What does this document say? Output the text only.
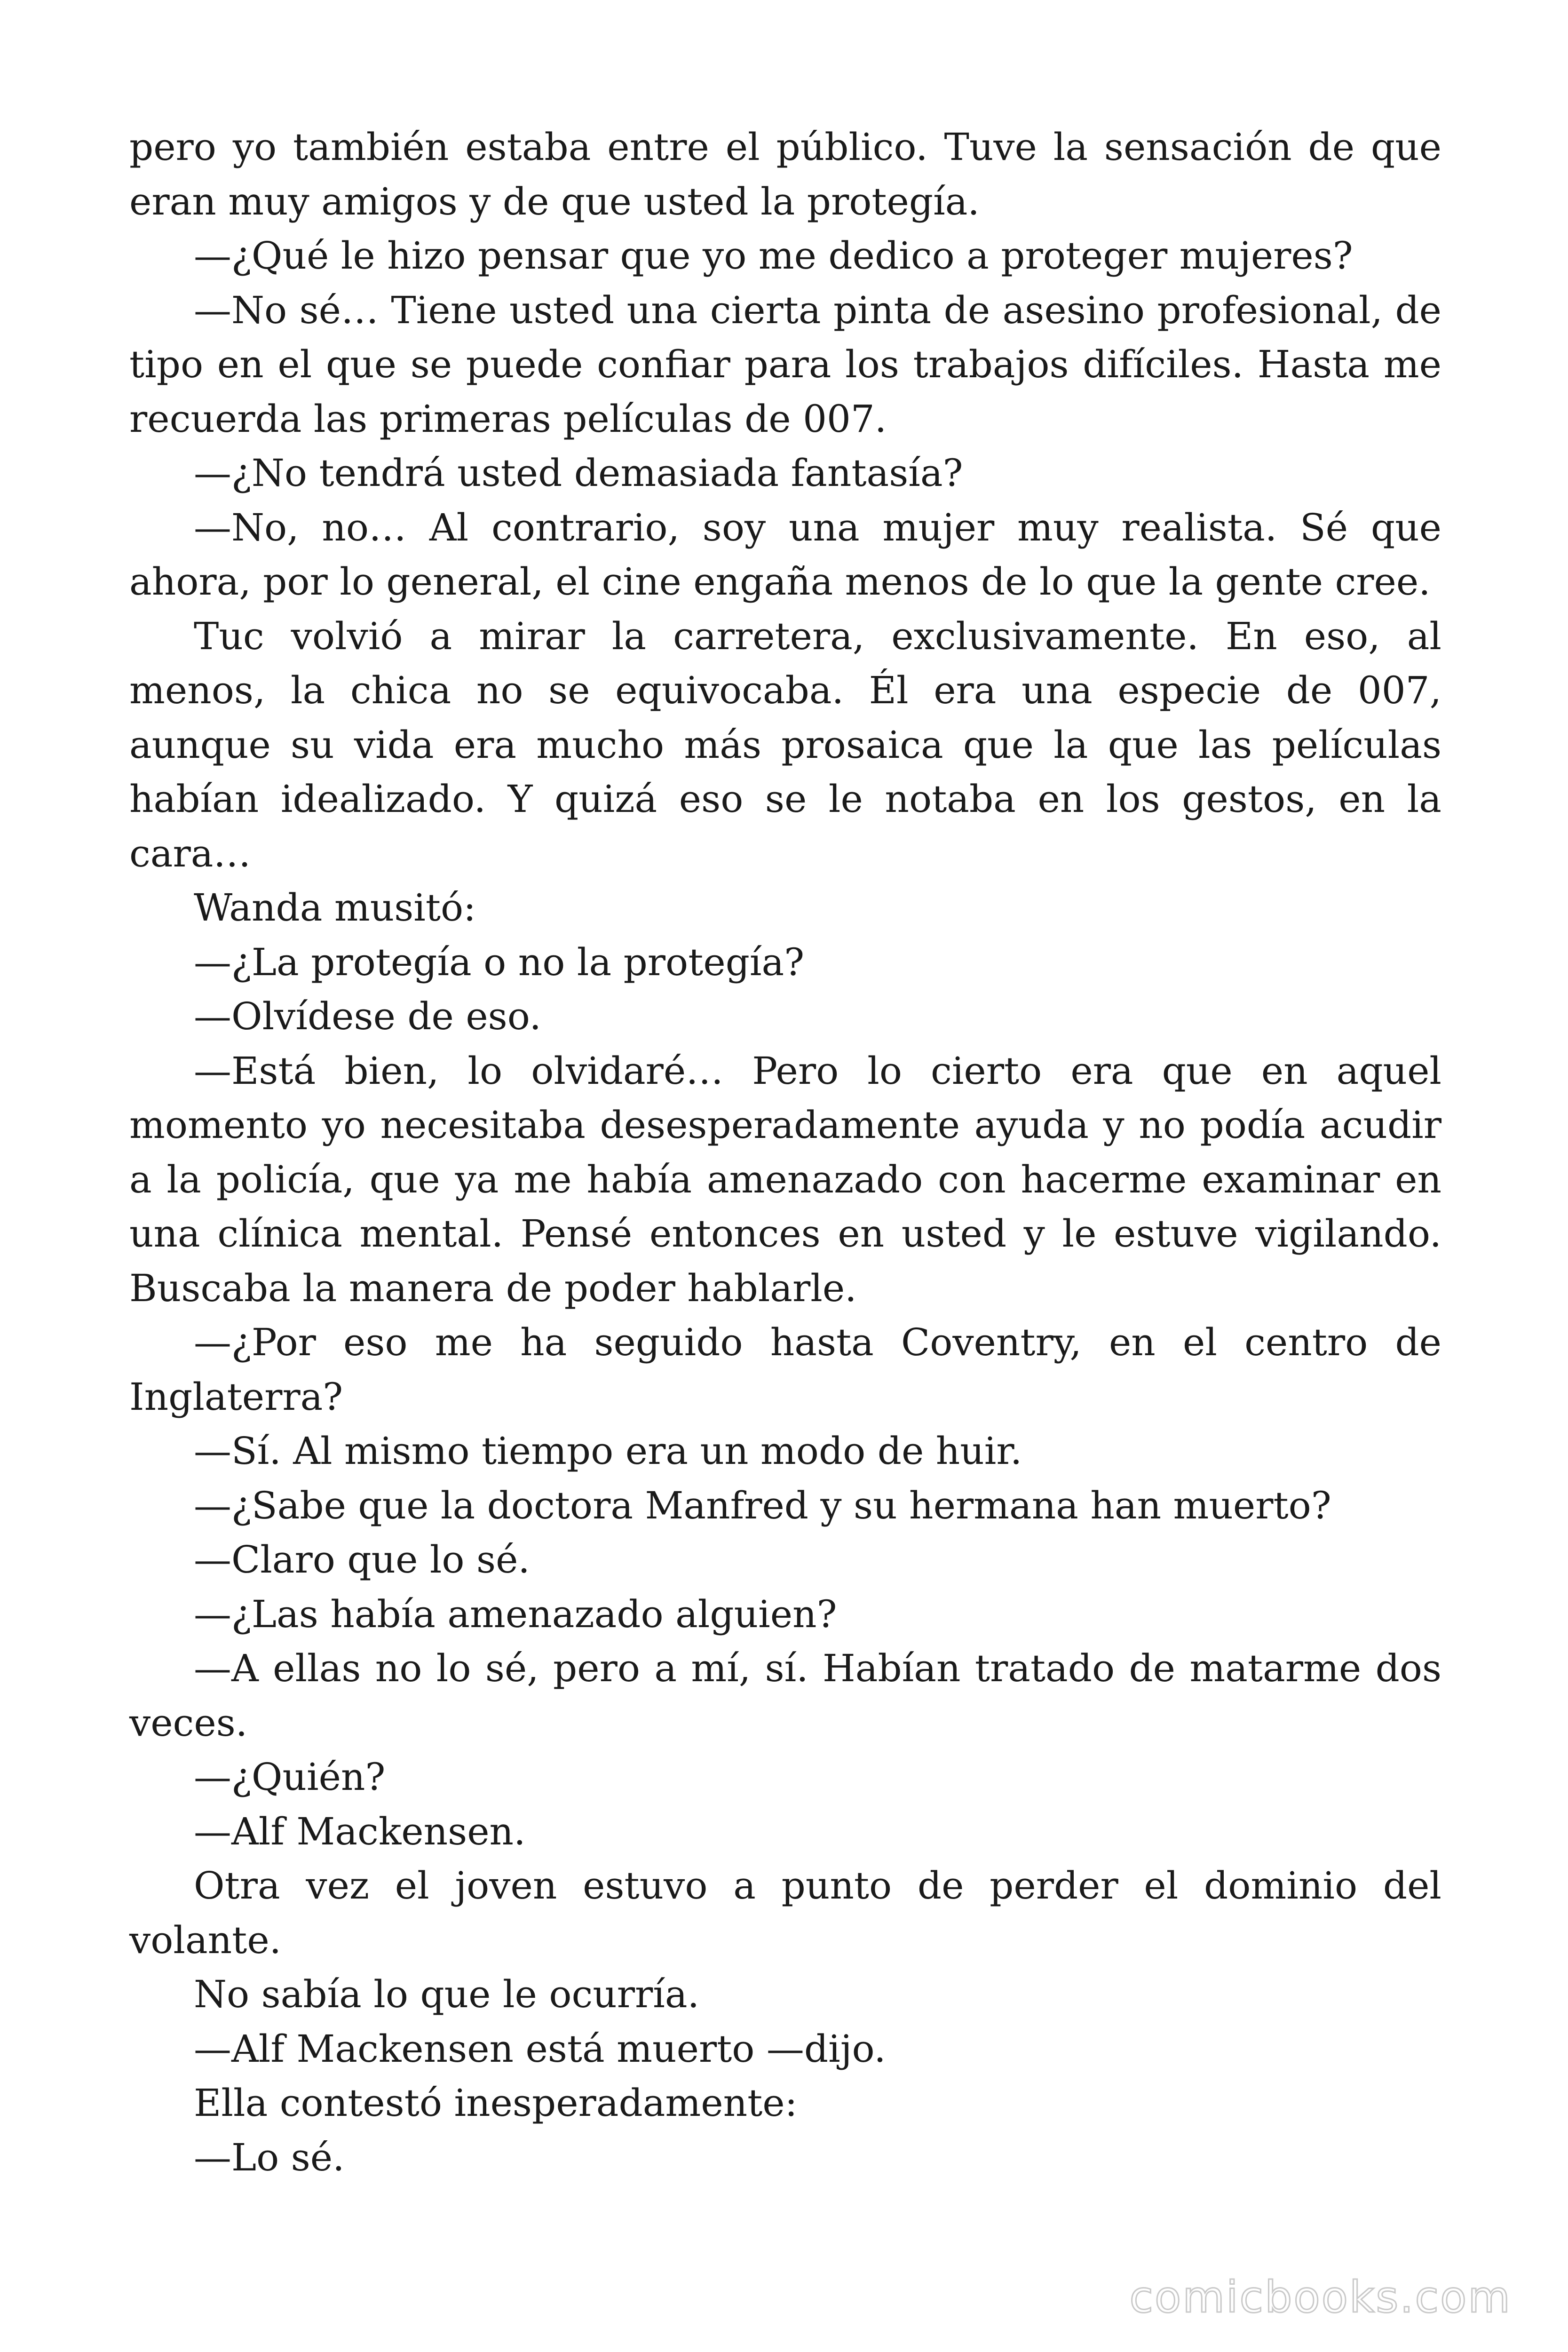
pero yo también estaba entre el público. Tuve la sensación de que eran muy amigos y de que usted la protegía.

—¿Qué le hizo pensar que yo me dedico a proteger mujeres?

—No sé… Tiene usted una cierta pinta de asesino profesional, de tipo en el que se puede confiar para los trabajos difíciles. Hasta me recuerda las primeras películas de 007.

—¿No tendrá usted demasiada fantasía?

—No, no… Al contrario, soy una mujer muy realista. Sé que ahora, por lo general, el cine engaña menos de lo que la gente cree.

Tuc volvió a mirar la carretera, exclusivamente. En eso, al menos, la chica no se equivocaba. Él era una especie de 007, aunque su vida era mucho más prosaica que la que las películas habían idealizado. Y quizá eso se le notaba en los gestos, en la cara…

Wanda musitó:

—¿La protegía o no la protegía?

—Olvídese de eso.

—Está bien, lo olvidaré… Pero lo cierto era que en aquel momento yo necesitaba desesperadamente ayuda y no podía acudir a la policía, que ya me había amenazado con hacerme examinar en una clínica mental. Pensé entonces en usted y le estuve vigilando. Buscaba la manera de poder hablarle.

—¿Por eso me ha seguido hasta Coventry, en el centro de Inglaterra?

—Sí. Al mismo tiempo era un modo de huir.

—¿Sabe que la doctora Manfred y su hermana han muerto?

—Claro que lo sé.

—¿Las había amenazado alguien?

—A ellas no lo sé, pero a mí, sí. Habían tratado de matarme dos veces.

—¿Quién?

—Alf Mackensen.

Otra vez el joven estuvo a punto de perder el dominio del volante.

No sabía lo que le ocurría.

—Alf Mackensen está muerto —dijo.

Ella contestó inesperadamente:

—Lo sé.

comicbooks.com
